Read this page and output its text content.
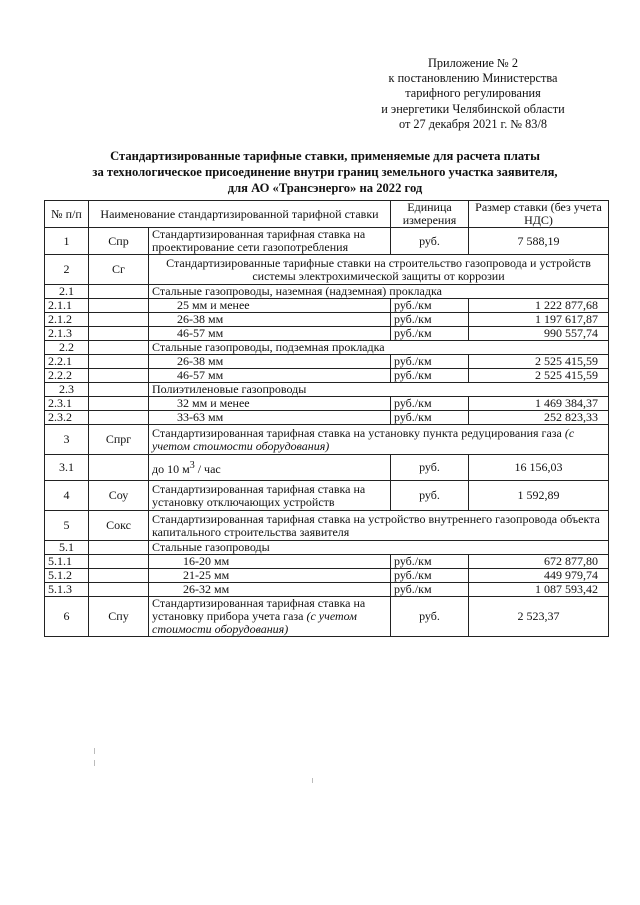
Приложение № 2
к постановлению Министерства
тарифного регулирования
и энергетики Челябинской области
от 27 декабря 2021 г. № 83/8
Стандартизированные тарифные ставки, применяемые для расчета платы
за технологическое присоединение внутри границ земельного участка заявителя,
для АО «Трансэнерго» на 2022 год
№ п/п	Наименование стандартизированной тарифной ставки		Единица измерения	Размер ставки (без учета НДС)
1	Спр	Стандартизированная тарифная ставка на проектирование сети газопотребления	руб.	7 588,19
2	Сг	Стандартизированные тарифные ставки на строительство газопровода и устройств системы электрохимической защиты от коррозии		
2.1		Стальные газопроводы, наземная (надземная) прокладка		
2.1.1		25 мм и менее	руб./км	1 222 877,68
2.1.2		26-38 мм	руб./км	1 197 617,87
2.1.3		46-57 мм	руб./км	990 557,74
2.2		Стальные газопроводы, подземная прокладка		
2.2.1		26-38 мм	руб./км	2 525 415,59
2.2.2		46-57 мм	руб./км	2 525 415,59
2.3		Полиэтиленовые газопроводы		
2.3.1		32 мм и менее	руб./км	1 469 384,37
2.3.2		33-63 мм	руб./км	252 823,33
3	Спрг	Стандартизированная тарифная ставка на установку пункта редуцирования газа (с учетом стоимости оборудования)		
3.1		до 10 $м^3$ / час	руб.	16 156,03
4	Соу	Стандартизированная тарифная ставка на установку отключающих устройств	руб.	1 592,89
5	Сокс	Стандартизированная тарифная ставка на устройство внутреннего газопровода объекта капитального строительства заявителя		
5.1		Стальные газопроводы		
5.1.1		16-20 мм	руб./км	672 877,80
5.1.2		21-25 мм	руб./км	449 979,74
5.1.3		26-32 мм	руб./км	1 087 593,42
6	Спу	Стандартизированная тарифная ставка на установку прибора учета газа (с учетом стоимости оборудования)	руб.	2 523,37
